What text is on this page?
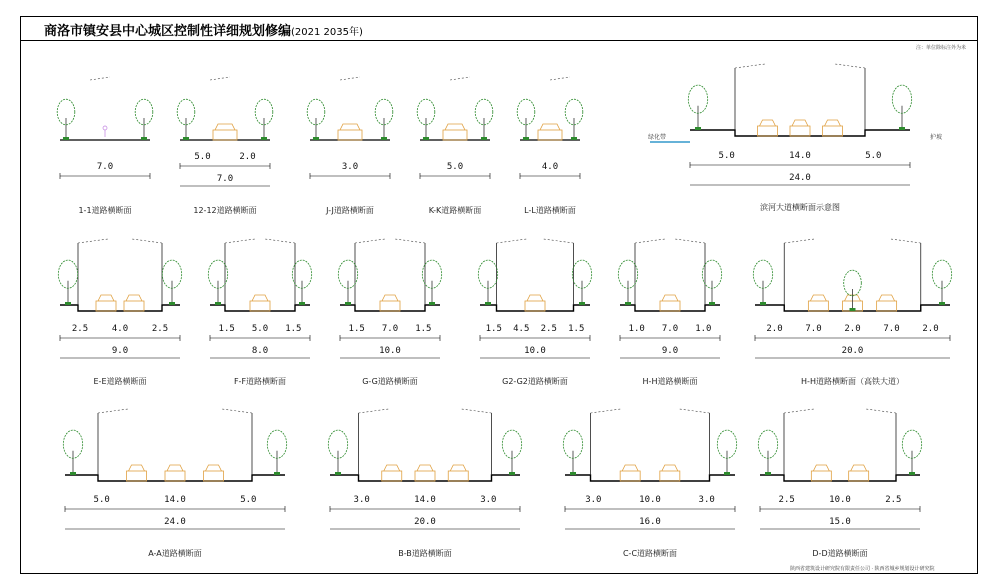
商洛市镇安县中心城区控制性详细规划修编(2021 2035年)
注：单位除标注外为米
陕西省建筑设计研究院有限责任公司 · 陕西省城乡规划设计研究院
7.0
1-1道路横断面
5.0	2.0
7.0
12-12道路横断面
3.0
J-J道路横断面
5.0
K-K道路横断面
4.0
L-L道路横断面
5.0	14.0	5.0
24.0
滨河大道横断面示意图
绿化带	护坡
2.5	4.0	2.5
9.0
E-E道路横断面
1.5 5.0 1.5
8.0
F-F道路横断面
1.5 7.0 1.5
10.0
G-G道路横断面
1.5 4.5 2.5 1.5
10.0
G2-G2道路横断面
1.0 7.0 1.0
9.0
H-H道路横断面
2.0	7.0	2.0	7.0	2.0
20.0
H-H道路横断面（高铁大道）
5.0	14.0	5.0
24.0
A-A道路横断面
3.0	14.0	3.0
20.0
B-B道路横断面
3.0	10.0	3.0
16.0
C-C道路横断面
2.5	10.0	2.5
15.0
D-D道路横断面
